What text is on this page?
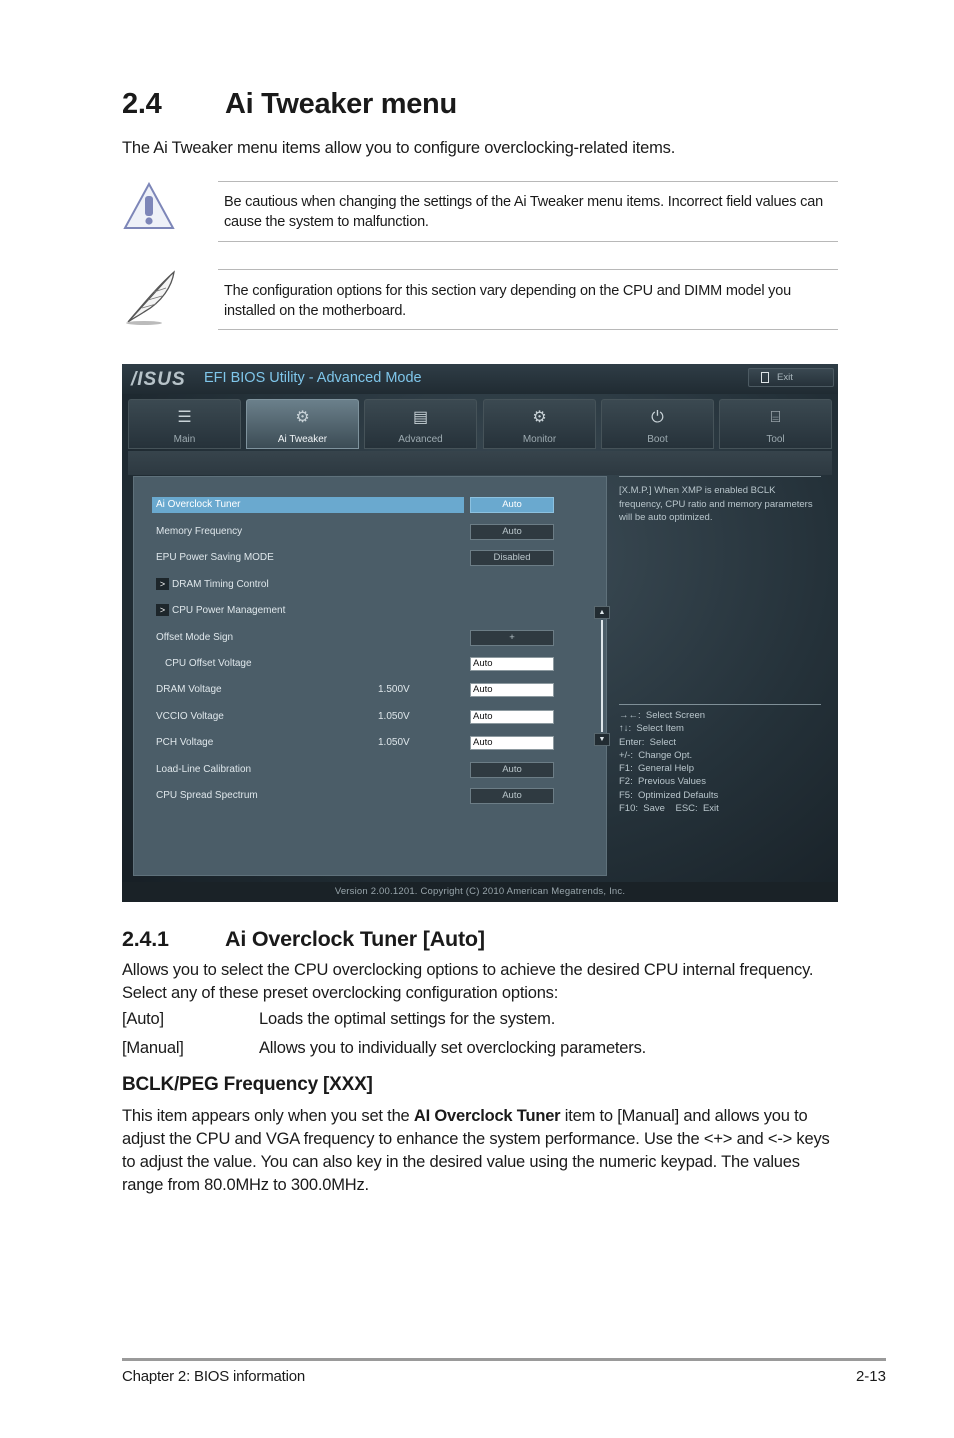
2.4 Ai Tweaker menu
The Ai Tweaker menu items allow you to configure overclocking-related items.
Be cautious when changing the settings of the Ai Tweaker menu items. Incorrect field values can cause the system to malfunction.
The configuration options for this section vary depending on the CPU and DIMM model you installed on the motherboard.
/ISUS EFI BIOS Utility - Advanced Mode	Exit
☰
Main
⚙
Ai Tweaker
▤
Advanced
⚙
Monitor
⏻
Boot
⌸
Tool
Ai Overclock Tuner	Auto
Memory Frequency	Auto
EPU Power Saving MODE	Disabled
> DRAM Timing Control
> CPU Power Management
Offset Mode Sign	+
CPU Offset Voltage	Auto
DRAM Voltage	1.500V	Auto
VCCIO Voltage	1.050V	Auto
PCH Voltage	1.050V	Auto
Load-Line Calibration	Auto
CPU Spread Spectrum	Auto
▲
▼
[X.M.P.] When XMP is enabled BCLK frequency, CPU ratio and memory parameters will be auto optimized.
→←:  Select Screen
↑↓:  Select Item
Enter:  Select
+/-:  Change Opt.
F1:  General Help
F2:  Previous Values
F5:  Optimized Defaults
F10:  Save    ESC:  Exit
Version 2.00.1201. Copyright (C) 2010 American Megatrends, Inc.
2.4.1	Ai Overclock Tuner [Auto]
Allows you to select the CPU overclocking options to achieve the desired CPU internal frequency. Select any of these preset overclocking configuration options:
[Auto]	Loads the optimal settings for the system.
[Manual]	Allows you to individually set overclocking parameters.
BCLK/PEG Frequency [XXX]
This item appears only when you set the AI Overclock Tuner item to [Manual] and allows you to adjust the CPU and VGA frequency to enhance the system performance. Use the <+> and <-> keys to adjust the value. You can also key in the desired value using the numeric keypad. The values range from 80.0MHz to 300.0MHz.
Chapter 2: BIOS information	2-13
